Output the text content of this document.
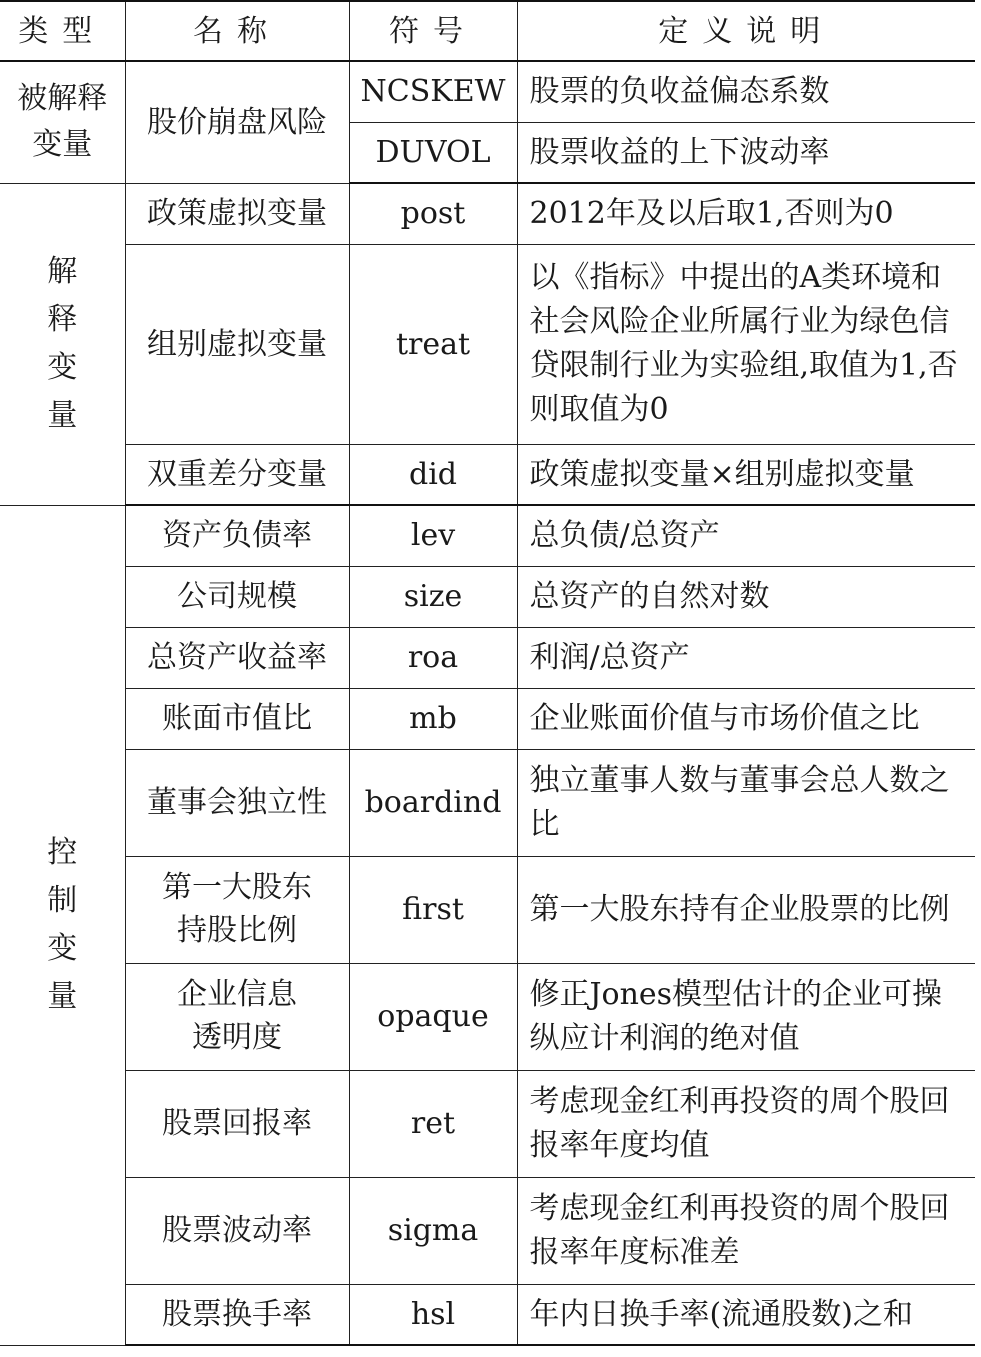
类型	名称	符号	定义说明
被解释变量	股价崩盘风险	NCSKEW	股票的负收益偏态系数
		DUVOL	股票收益的上下波动率
解释变量	政策虚拟变量	post	2012年及以后取1,否则为0
	组别虚拟变量	treat	以《指标》中提出的A类环境和社会风险企业所属行业为绿色信贷限制行业为实验组,取值为1,否则取值为0

	双重差分变量	did	政策虚拟变量×组别虚拟变量
控制变量	资产负债率	lev	总负债/总资产
	公司规模	size	总资产的自然对数
	总资产收益率	roa	利润/总资产
	账面市值比	mb	企业账面价值与市场价值之比
	董事会独立性	boardind	独立董事人数与董事会总人数之比

	第一大股东持股比例	first	第一大股东持有企业股票的比例

	企业信息透明度	opaque	修正Jones模型估计的企业可操纵应计利润的绝对值

	股票回报率	ret	考虑现金红利再投资的周个股回报率年度均值

	股票波动率	sigma	考虑现金红利再投资的周个股回报率年度标准差

	股票换手率	hsl	年内日换手率(流通股数)之和
